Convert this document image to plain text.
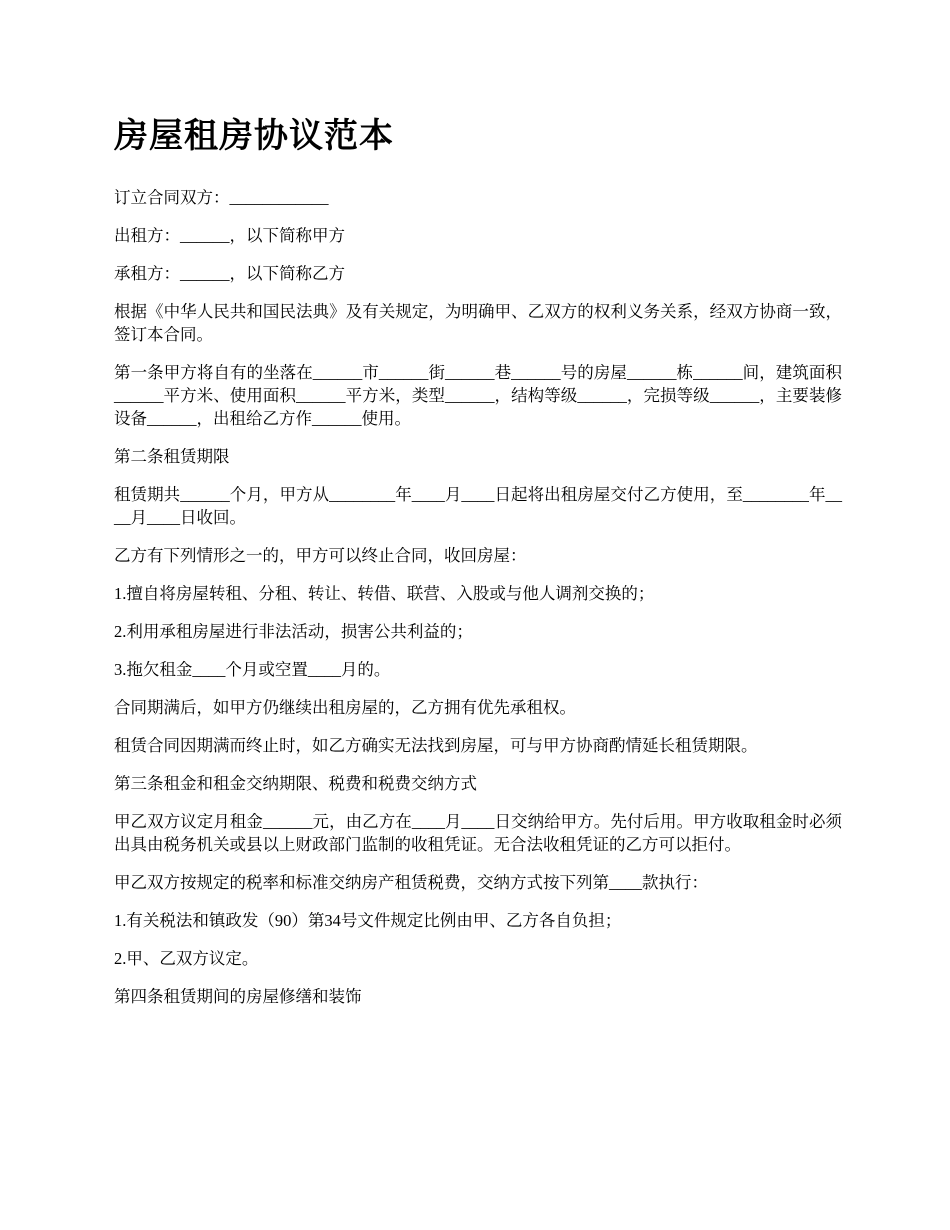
房屋租房协议范本

订立合同双方：____________

出租方：______，以下简称甲方

承租方：______，以下简称乙方

根据《中华人民共和国民法典》及有关规定，为明确甲、乙双方的权利义务关系，经双方协商一致，签订本合同。

第一条甲方将自有的坐落在______市______街______巷______号的房屋______栋______间，建筑面积______平方米、使用面积______平方米，类型______，结构等级______，完损等级______，主要装修设备______，出租给乙方作______使用。

第二条租赁期限

租赁期共______个月，甲方从________年____月____日起将出租房屋交付乙方使用，至________年____月____日收回。

乙方有下列情形之一的，甲方可以终止合同，收回房屋：

1.擅自将房屋转租、分租、转让、转借、联营、入股或与他人调剂交换的；

2.利用承租房屋进行非法活动，损害公共利益的；

3.拖欠租金____个月或空置____月的。

合同期满后，如甲方仍继续出租房屋的，乙方拥有优先承租权。

租赁合同因期满而终止时，如乙方确实无法找到房屋，可与甲方协商酌情延长租赁期限。

第三条租金和租金交纳期限、税费和税费交纳方式

甲乙双方议定月租金______元，由乙方在____月____日交纳给甲方。先付后用。甲方收取租金时必须出具由税务机关或县以上财政部门监制的收租凭证。无合法收租凭证的乙方可以拒付。

甲乙双方按规定的税率和标准交纳房产租赁税费，交纳方式按下列第____款执行：

1.有关税法和镇政发（90）第34号文件规定比例由甲、乙方各自负担；

2.甲、乙双方议定。

第四条租赁期间的房屋修缮和装饰
